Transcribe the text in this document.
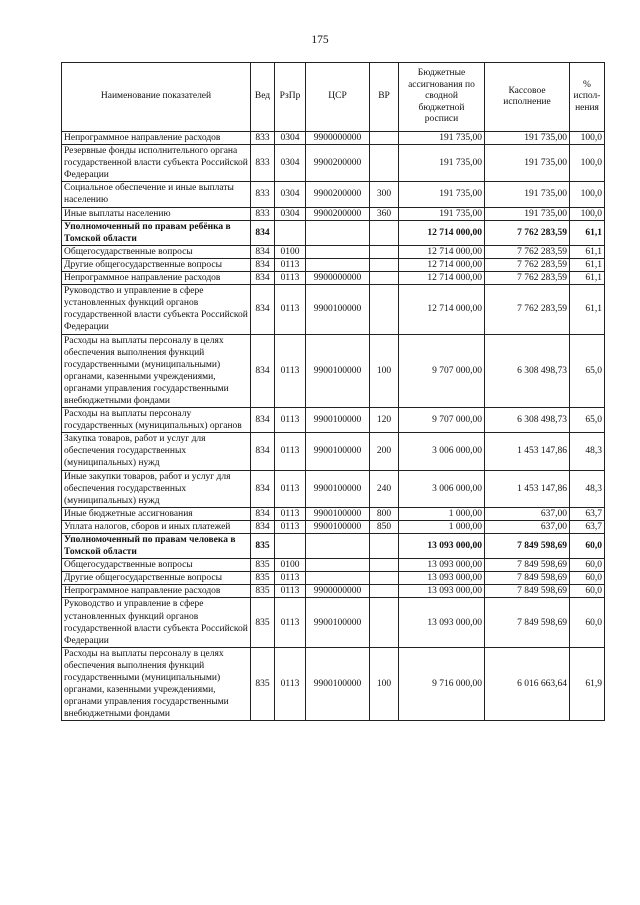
175
Наименование показателей	Вед	РзПр	ЦСР	ВР	Бюджетные ассигнования по сводной бюджетной росписи	Кассовое исполнение	% испол- нения
Непрограммное направление расходов	833	0304	9900000000		191 735,00	191 735,00	100,0
Резервные фонды исполнительного органа государственной власти субъекта Российской Федерации	833	0304	9900200000		191 735,00	191 735,00	100,0
Социальное обеспечение и иные выплаты населению	833	0304	9900200000	300	191 735,00	191 735,00	100,0
Иные выплаты населению	833	0304	9900200000	360	191 735,00	191 735,00	100,0
Уполномоченный по правам ребёнка в Томской области	834				12 714 000,00	7 762 283,59	61,1
Общегосударственные вопросы	834	0100			12 714 000,00	7 762 283,59	61,1
Другие общегосударственные вопросы	834	0113			12 714 000,00	7 762 283,59	61,1
Непрограммное направление расходов	834	0113	9900000000		12 714 000,00	7 762 283,59	61,1
Руководство и управление в сфере установленных функций органов государственной власти субъекта Российской Федерации	834	0113	9900100000		12 714 000,00	7 762 283,59	61,1
Расходы на выплаты персоналу в целях обеспечения выполнения функций государственными (муниципальными) органами, казенными учреждениями, органами управления государственными внебюджетными фондами	834	0113	9900100000	100	9 707 000,00	6 308 498,73	65,0
Расходы на выплаты персоналу государственных (муниципальных) органов	834	0113	9900100000	120	9 707 000,00	6 308 498,73	65,0
Закупка товаров, работ и услуг для обеспечения государственных (муниципальных) нужд	834	0113	9900100000	200	3 006 000,00	1 453 147,86	48,3
Иные закупки товаров, работ и услуг для обеспечения государственных (муниципальных) нужд	834	0113	9900100000	240	3 006 000,00	1 453 147,86	48,3
Иные бюджетные ассигнования	834	0113	9900100000	800	1 000,00	637,00	63,7
Уплата налогов, сборов и иных платежей	834	0113	9900100000	850	1 000,00	637,00	63,7
Уполномоченный по правам человека в Томской области	835				13 093 000,00	7 849 598,69	60,0
Общегосударственные вопросы	835	0100			13 093 000,00	7 849 598,69	60,0
Другие общегосударственные вопросы	835	0113			13 093 000,00	7 849 598,69	60,0
Непрограммное направление расходов	835	0113	9900000000		13 093 000,00	7 849 598,69	60,0
Руководство и управление в сфере установленных функций органов государственной власти субъекта Российской Федерации	835	0113	9900100000		13 093 000,00	7 849 598,69	60,0
Расходы на выплаты персоналу в целях обеспечения выполнения функций государственными (муниципальными) органами, казенными учреждениями, органами управления государственными внебюджетными фондами	835	0113	9900100000	100	9 716 000,00	6 016 663,64	61,9
